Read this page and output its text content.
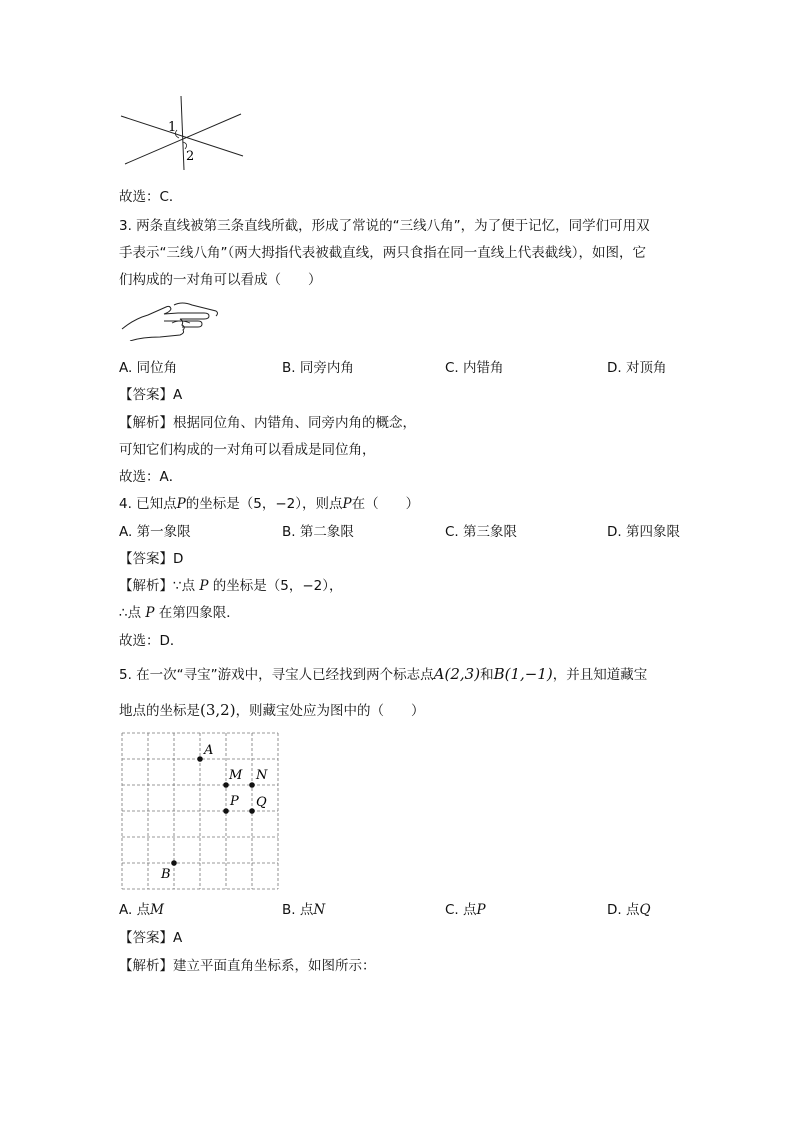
1
2
故选：C．
3. 两条直线被第三条直线所截，形成了常说的“三线八角”，为了便于记忆，同学们可用双
手表示“三线八角”（两大拇指代表被截直线，两只食指在同一直线上代表截线），如图，它
们构成的一对角可以看成（　　）
A. 同位角	B. 同旁内角	C. 内错角	D. 对顶角
【答案】A
【解析】根据同位角、内错角、同旁内角的概念，
可知它们构成的一对角可以看成是同位角，
故选：A．
4. 已知点P的坐标是（5，−2），则点P在（　　）
A. 第一象限	B. 第二象限	C. 第三象限	D. 第四象限
【答案】D
【解析】∵点 P 的坐标是（5，−2），
∴点 P 在第四象限．
故选：D．
5. 在一次“寻宝”游戏中，寻宝人已经找到两个标志点A(2,3)和B(1,−1)，并且知道藏宝
地点的坐标是(3,2)，则藏宝处应为图中的（　　）
A
M N
P Q
B
A. 点M	B. 点N	C. 点P	D. 点Q
【答案】A
【解析】建立平面直角坐标系，如图所示：
